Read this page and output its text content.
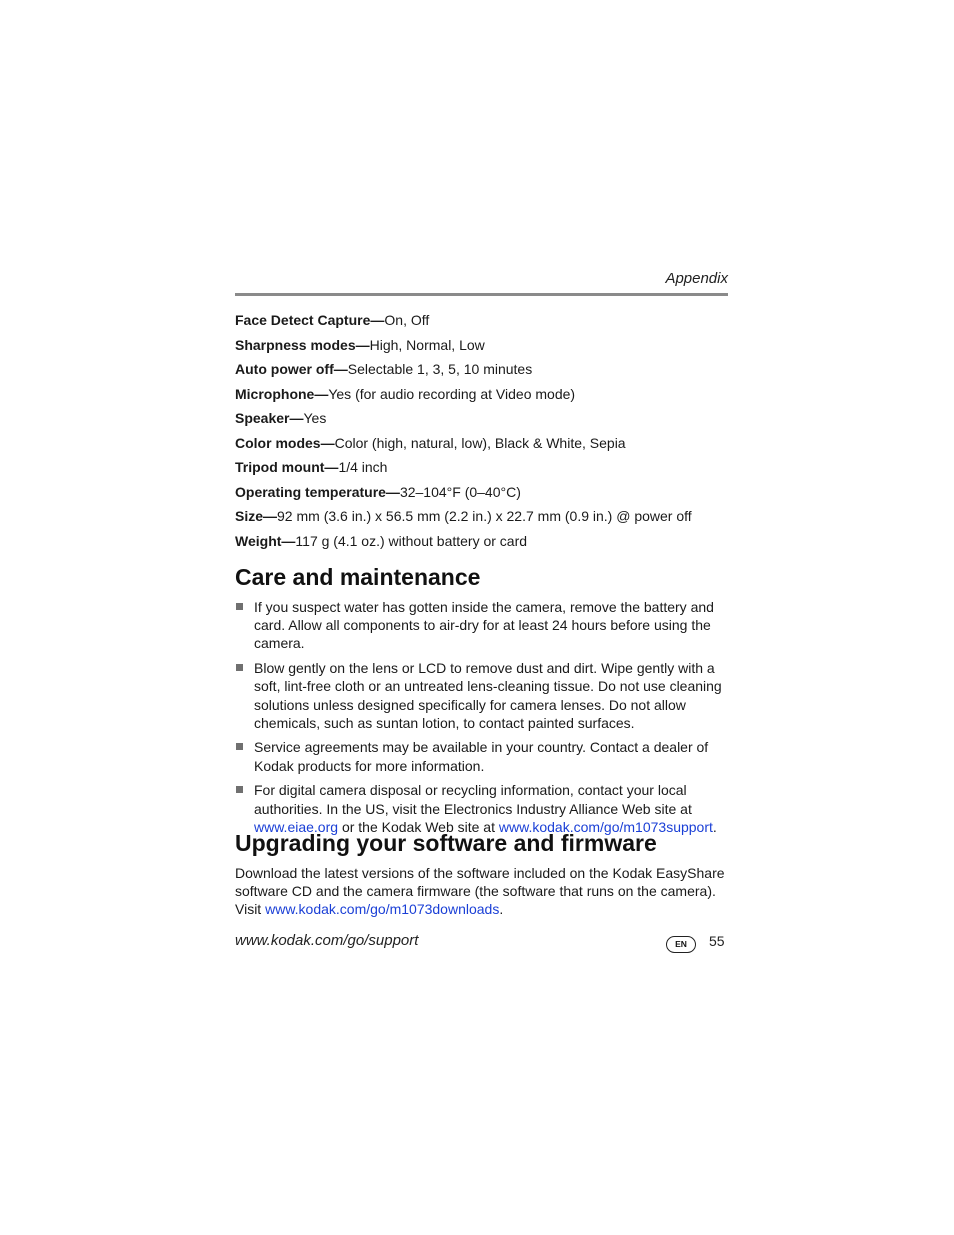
Appendix
Face Detect Capture—On, Off
Sharpness modes—High, Normal, Low
Auto power off—Selectable 1, 3, 5, 10 minutes
Microphone—Yes (for audio recording at Video mode)
Speaker—Yes
Color modes—Color (high, natural, low), Black & White, Sepia
Tripod mount—1/4 inch
Operating temperature—32–104°F (0–40°C)
Size—92 mm (3.6 in.) x 56.5 mm (2.2 in.) x 22.7 mm (0.9 in.) @ power off
Weight—117 g (4.1 oz.) without battery or card
Care and maintenance
If you suspect water has gotten inside the camera, remove the battery and card. Allow all components to air-dry for at least 24 hours before using the camera.
Blow gently on the lens or LCD to remove dust and dirt. Wipe gently with a soft, lint-free cloth or an untreated lens-cleaning tissue. Do not use cleaning solutions unless designed specifically for camera lenses. Do not allow chemicals, such as suntan lotion, to contact painted surfaces.
Service agreements may be available in your country. Contact a dealer of Kodak products for more information.
For digital camera disposal or recycling information, contact your local authorities. In the US, visit the Electronics Industry Alliance Web site at www.eiae.org or the Kodak Web site at www.kodak.com/go/m1073support.
Upgrading your software and firmware
Download the latest versions of the software included on the Kodak EasyShare software CD and the camera firmware (the software that runs on the camera). Visit www.kodak.com/go/m1073downloads.
www.kodak.com/go/support	EN	55
